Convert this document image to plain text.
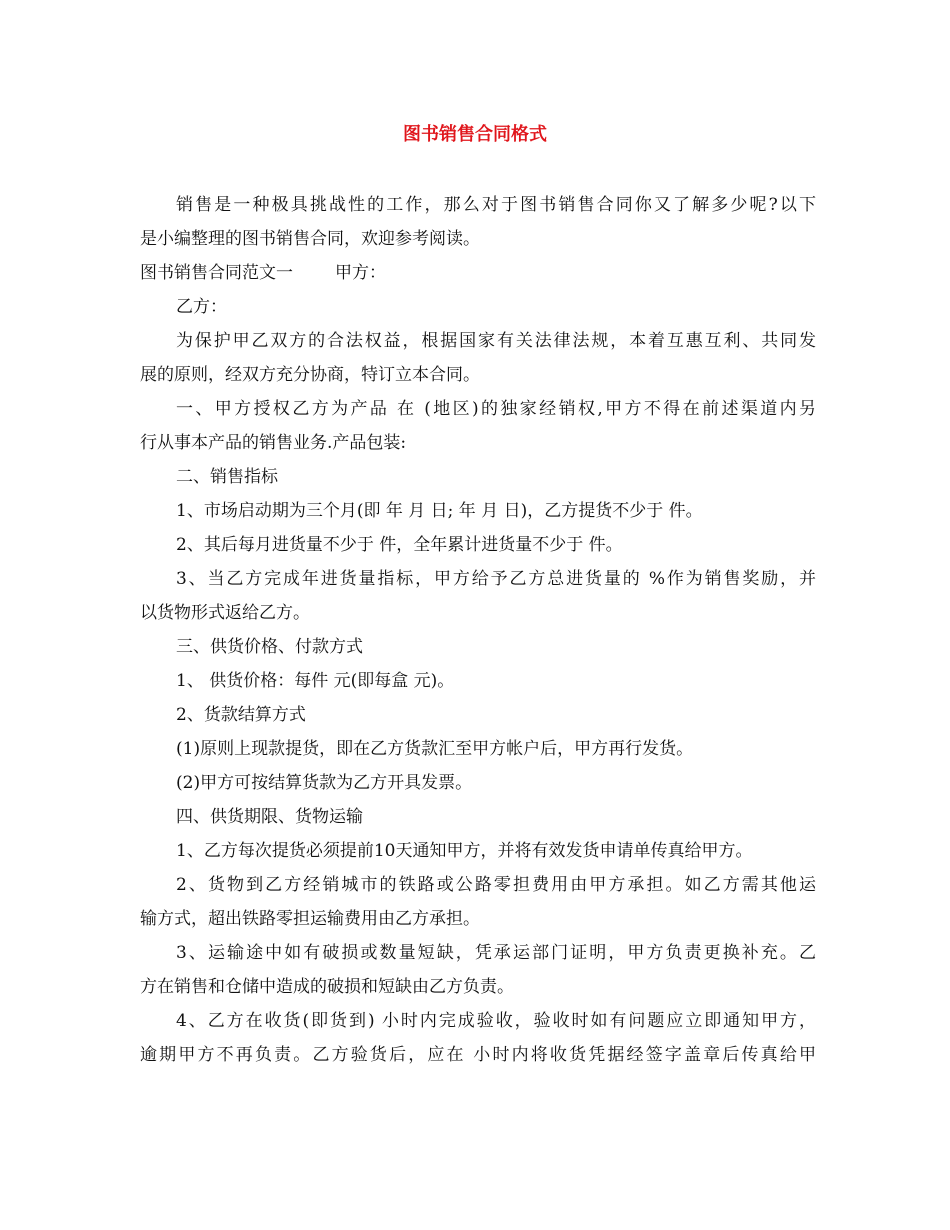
图书销售合同格式

销售是一种极具挑战性的工作，那么对于图书销售合同你又了解多少呢?以下

是小编整理的图书销售合同，欢迎参考阅读。

图书销售合同范文一 甲方：

乙方：

为保护甲乙双方的合法权益，根据国家有关法律法规，本着互惠互利、共同发

展的原则，经双方充分协商，特订立本合同。

一、甲方授权乙方为产品 在 (地区)的独家经销权,甲方不得在前述渠道内另

行从事本产品的销售业务.产品包装:

二、销售指标

1、市场启动期为三个月(即 年 月 日; 年 月 日)，乙方提货不少于 件。

2、其后每月进货量不少于 件，全年累计进货量不少于 件。

3、当乙方完成年进货量指标，甲方给予乙方总进货量的 %作为销售奖励，并

以货物形式返给乙方。

三、供货价格、付款方式

1、 供货价格：每件 元(即每盒 元)。

2、货款结算方式

(1)原则上现款提货，即在乙方货款汇至甲方帐户后，甲方再行发货。

(2)甲方可按结算货款为乙方开具发票。

四、供货期限、货物运输

1、乙方每次提货必须提前10天通知甲方，并将有效发货申请单传真给甲方。

2、货物到乙方经销城市的铁路或公路零担费用由甲方承担。如乙方需其他运

输方式，超出铁路零担运输费用由乙方承担。

3、运输途中如有破损或数量短缺，凭承运部门证明，甲方负责更换补充。乙

方在销售和仓储中造成的破损和短缺由乙方负责。

4、乙方在收货(即货到) 小时内完成验收，验收时如有问题应立即通知甲方，

逾期甲方不再负责。乙方验货后，应在 小时内将收货凭据经签字盖章后传真给甲
